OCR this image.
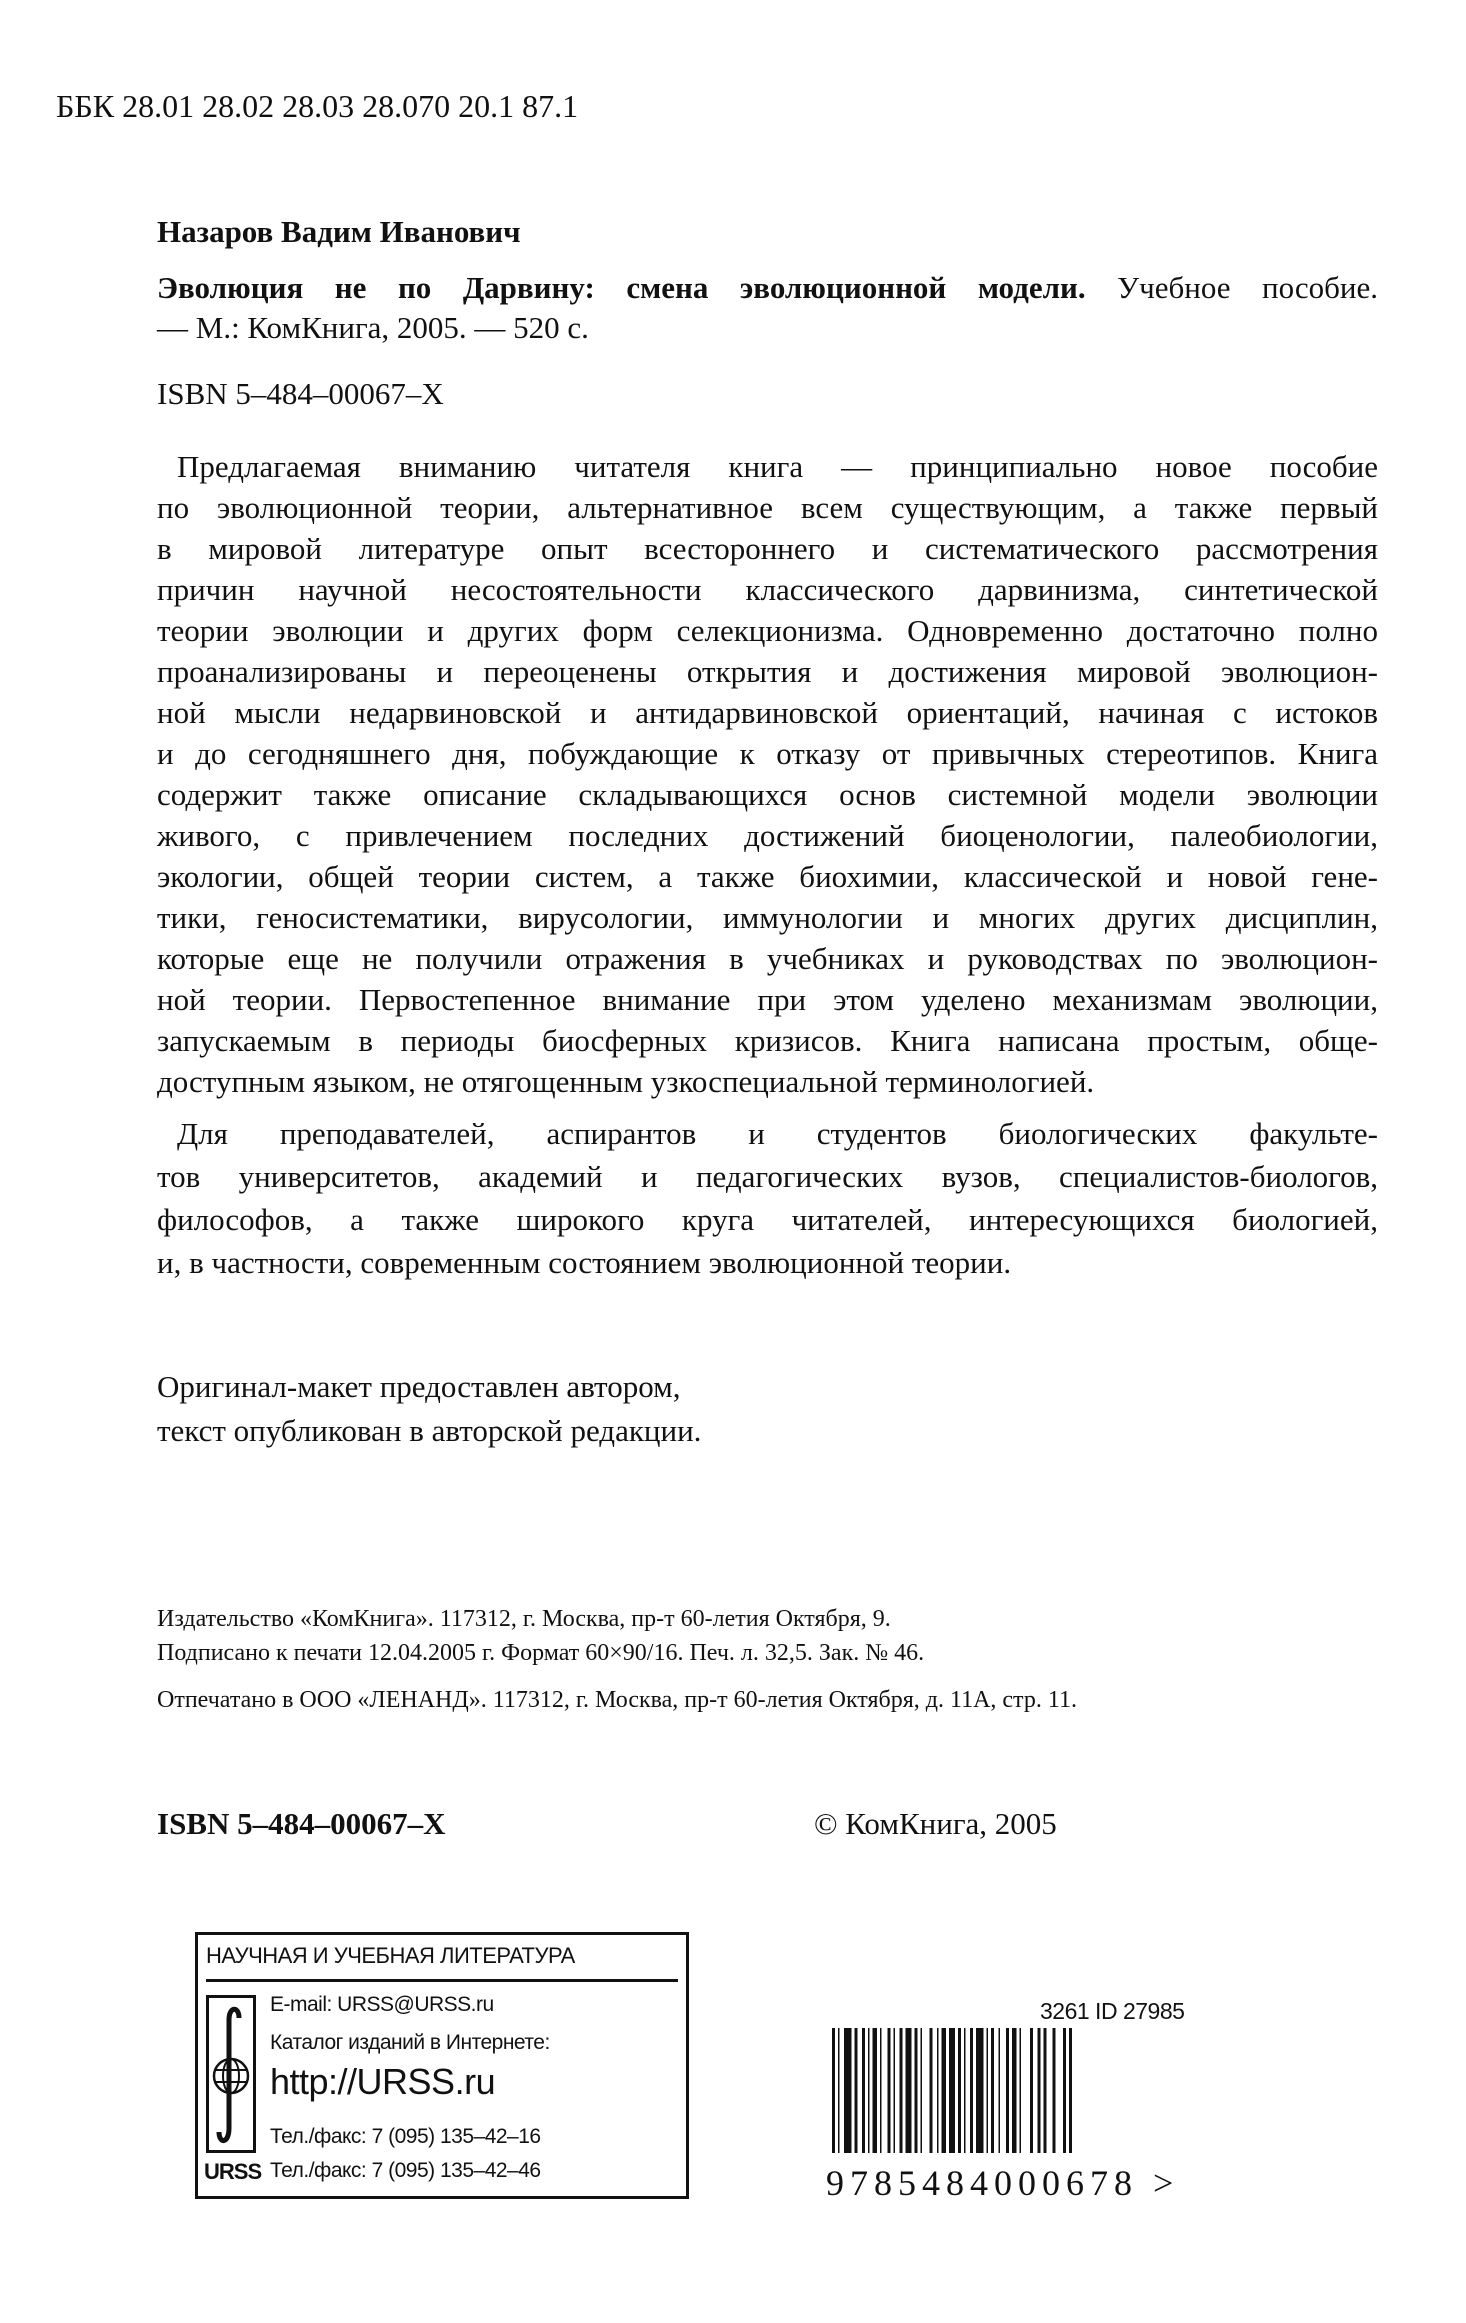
ББК 28.01 28.02 28.03 28.070 20.1 87.1
Назаров Вадим Иванович
Эволюция не по Дарвину: смена эволюционной модели. Учебное пособие.
— М.: КомКнига, 2005. — 520 с.
ISBN 5–484–00067–X
Предлагаемая вниманию читателя книга — принципиально новое пособие
по эволюционной теории, альтернативное всем существующим, а также первый
в мировой литературе опыт всестороннего и систематического рассмотрения
причин научной несостоятельности классического дарвинизма, синтетической
теории эволюции и других форм селекционизма. Одновременно достаточно полно
проанализированы и переоценены открытия и достижения мировой эволюцион-
ной мысли недарвиновской и антидарвиновской ориентаций, начиная с истоков
и до сегодняшнего дня, побуждающие к отказу от привычных стереотипов. Книга
содержит также описание складывающихся основ системной модели эволюции
живого, с привлечением последних достижений биоценологии, палеобиологии,
экологии, общей теории систем, а также биохимии, классической и новой гене-
тики, геносистематики, вирусологии, иммунологии и многих других дисциплин,
которые еще не получили отражения в учебниках и руководствах по эволюцион-
ной теории. Первостепенное внимание при этом уделено механизмам эволюции,
запускаемым в периоды биосферных кризисов. Книга написана простым, обще-
доступным языком, не отягощенным узкоспециальной терминологией.
Для преподавателей, аспирантов и студентов биологических факульте-
тов университетов, академий и педагогических вузов, специалистов-биологов,
философов, а также широкого круга читателей, интересующихся биологией,
и, в частности, современным состоянием эволюционной теории.
Оригинал-макет предоставлен автором,
текст опубликован в авторской редакции.
Издательство «КомКнига». 117312, г. Москва, пр-т 60-летия Октября, 9.
Подписано к печати 12.04.2005 г. Формат 60×90/16. Печ. л. 32,5. Зак. № 46.
Отпечатано в ООО «ЛЕНАНД». 117312, г. Москва, пр-т 60-летия Октября, д. 11А, стр. 11.
ISBN 5–484–00067–X	© КомКнига, 2005
НАУЧНАЯ И УЧЕБНАЯ ЛИТЕРАТУРА
URSS
E-mail: URSS@URSS.ru
Каталог изданий в Интернете:
http://URSS.ru
Тел./факс: 7 (095) 135–42–16
Тел./факс: 7 (095) 135–42–46
3261 ID 27985
9785484000678 >
